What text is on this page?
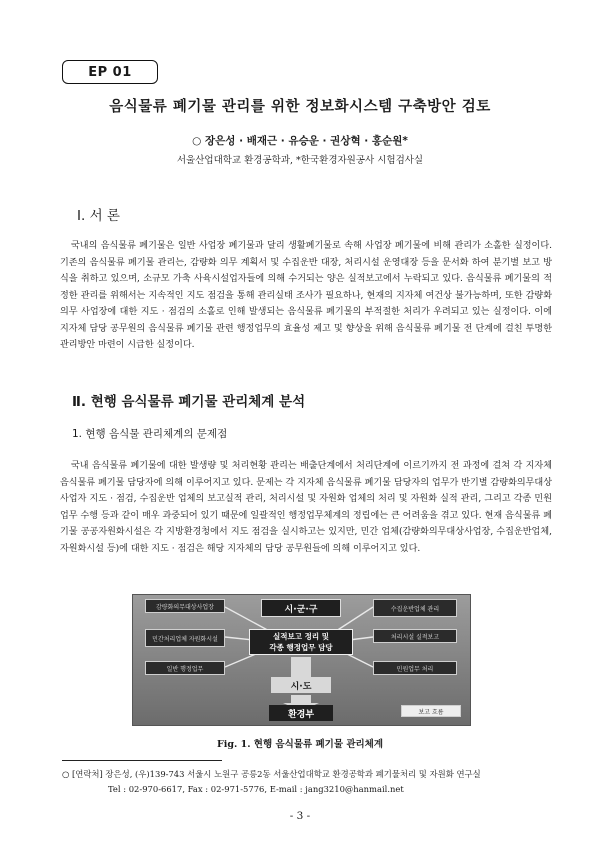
EP 01
음식물류 폐기물 관리를 위한 정보화시스템 구축방안 검토
○ 장은성 · 배재근 · 유승운 · 권상혁 · 홍순원*
서울산업대학교 환경공학과, *한국환경자원공사 시험검사실
Ⅰ. 서 론

국내의 음식물류 폐기물은 일반 사업장 폐기물과 달리 생활폐기물로 속해 사업장 폐기물에 비해 관리가 소홀한 실정이다. 기존의 음식물류 폐기물 관리는, 감량화 의무 계획서 및 수집운반 대장, 처리시설 운영대장 등을 문서화 하여 분기별 보고 방식을 취하고 있으며, 소규모 가축 사육시설업자들에 의해 수거되는 양은 실적보고에서 누락되고 있다. 음식물류 폐기물의 적정한 관리를 위해서는 지속적인 지도 점검을 통해 관리실태 조사가 필요하나, 현재의 지자체 여건상 불가능하며, 또한 감량화 의무 사업장에 대한 지도 · 점검의 소홀로 인해 발생되는 음식물류 폐기물의 부적절한 처리가 우려되고 있는 실정이다. 이에 지자체 담당 공무원의 음식물류 폐기물 관련 행정업무의 효율성 제고 및 향상을 위해 음식물류 폐기물 전 단계에 걸친 투명한 관리방안 마련이 시급한 실정이다.

Ⅱ. 현행 음식물류 폐기물 관리체계 분석
1. 현행 음식물 관리체계의 문제점

국내 음식물류 폐기물에 대한 발생량 및 처리현황 관리는 배출단계에서 처리단계에 이르기까지 전 과정에 걸쳐 각 지자체 음식물류 폐기물 담당자에 의해 이루어지고 있다. 문제는 각 지자체 음식물류 폐기물 담당자의 업무가 반기별 감량화의무대상사업자 지도 · 점검, 수집운반 업체의 보고실적 관리, 처리시설 및 자원화 업체의 처리 및 자원화 실적 관리, 그리고 각종 민원업무 수행 등과 같이 매우 과중되어 있기 때문에 일괄적인 행정업무체계의 정립에는 큰 어려움을 겪고 있다. 현재 음식물류 폐기물 공공자원화시설은 각 지방환경청에서 지도 점검을 실시하고는 있지만, 민간 업체(감량화의무대상사업장, 수집운반업체, 자원화시설 등)에 대한 지도 · 점검은 해당 지자체의 담당 공무원들에 의해 이루어지고 있다.

시·군·구
실적보고 정리 및
각종 행정업무 담당
시·도
환경부
감량화의무대상사업장
민간처리업체 자원화시설
일반 행정업무
수집운반업체 관리
처리시설 실적보고
민원업무 처리
보고 흐름
Fig. 1. 현행 음식물류 폐기물 관리체계
○ [연락처] 장은성, (우)139-743 서울시 노원구 공릉2동 서울산업대학교 환경공학과 폐기물처리 및 자원화 연구실
Tel : 02-970-6617, Fax : 02-971-5776, E-mail : jang3210@hanmail.net
- 3 -
